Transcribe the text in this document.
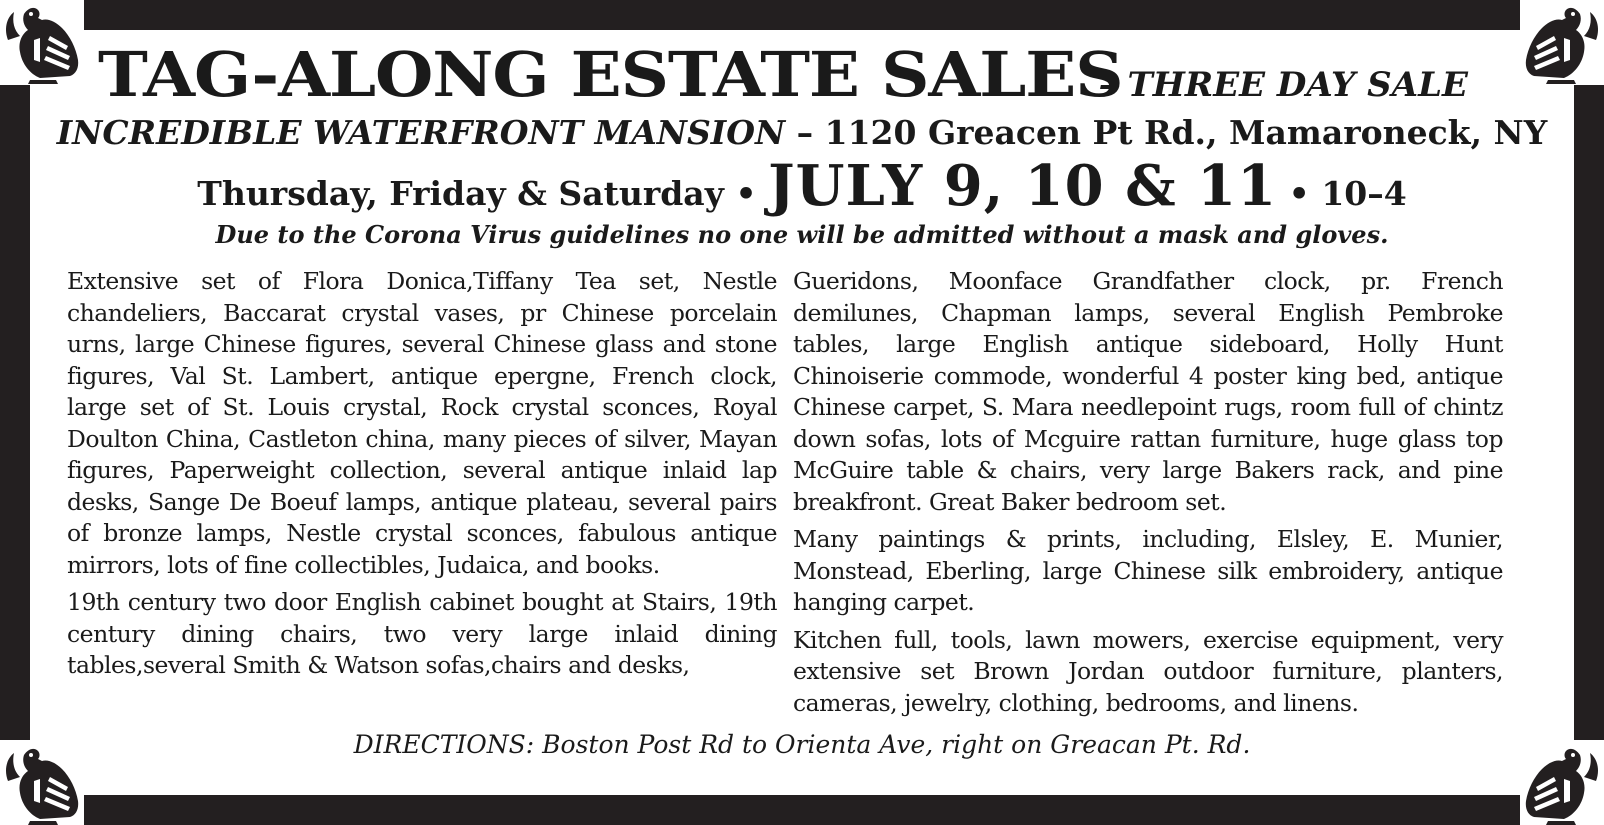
TAG-ALONG ESTATE SALES– THREE DAY SALE
INCREDIBLE WATERFRONT MANSION – 1120 Greacen Pt Rd., Mamaroneck, NY
Thursday, Friday & Saturday • JULY 9, 10 & 11 • 10–4
Due to the Corona Virus guidelines no one will be admitted without a mask and gloves.

Extensive set of Flora Donica,Tiffany Tea set, Nestle chandeliers, Baccarat crystal vases, pr Chinese porcelain urns, large Chinese figures, several Chinese glass and stone figures, Val St. Lambert, antique epergne, French clock, large set of St. Louis crystal, Rock crystal sconces, Royal Doulton China, Castleton china, many pieces of silver, Mayan figures, Paperweight collection, several antique inlaid lap desks, Sange De Boeuf lamps, antique plateau, several pairs of bronze lamps, Nestle crystal sconces, fabulous antique mirrors, lots of fine collectibles, Judaica, and books.

19th century two door English cabinet bought at Stairs, 19th century dining chairs, two very large inlaid dining tables,several Smith & Watson sofas,chairs and desks,

Gueridons, Moonface Grandfather clock, pr. French demilunes, Chapman lamps, several English Pembroke tables, large English antique sideboard, Holly Hunt Chinoiserie commode, wonderful 4 poster king bed, antique Chinese carpet, S. Mara needlepoint rugs, room full of chintz down sofas, lots of Mcguire rattan furniture, huge glass top McGuire table & chairs, very large Bakers rack, and pine breakfront. Great Baker bedroom set.

Many paintings & prints, including, Elsley, E. Munier, Monstead, Eberling, large Chinese silk embroidery, antique hanging carpet.

Kitchen full, tools, lawn mowers, exercise equipment, very extensive set Brown Jordan outdoor furniture, planters, cameras, jewelry, clothing, bedrooms, and linens.

DIRECTIONS: Boston Post Rd to Orienta Ave, right on Greacan Pt. Rd.
